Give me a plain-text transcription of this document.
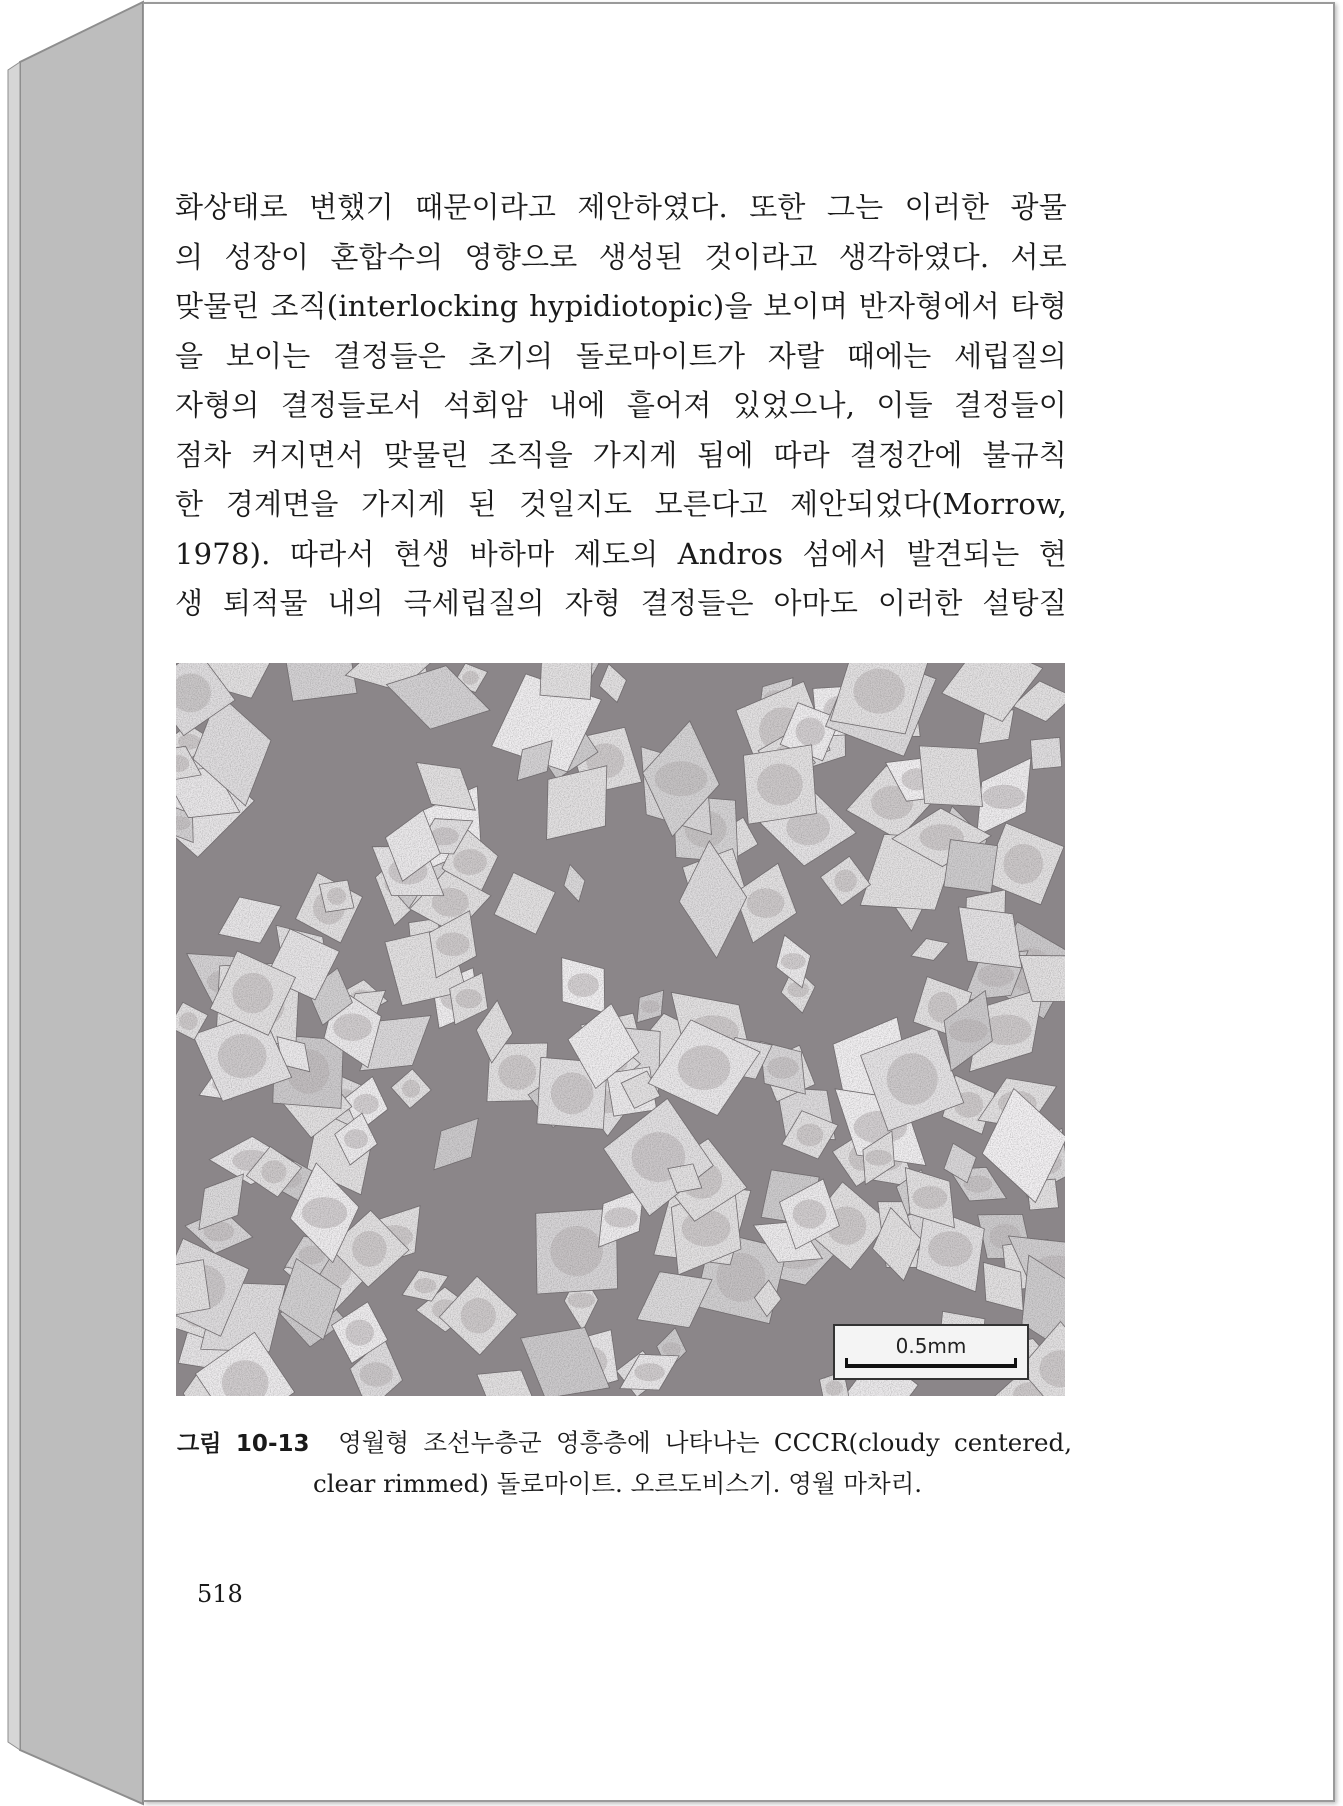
화상태로 변했기 때문이라고 제안하였다. 또한 그는 이러한 광물
의 성장이 혼합수의 영향으로 생성된 것이라고 생각하였다. 서로
맞물린 조직(interlocking hypidiotopic)을 보이며 반자형에서 타형
을 보이는 결정들은 초기의 돌로마이트가 자랄 때에는 세립질의
자형의 결정들로서 석회암 내에 흩어져 있었으나, 이들 결정들이
점차 커지면서 맞물린 조직을 가지게 됨에 따라 결정간에 불규칙
한 경계면을 가지게 된 것일지도 모른다고 제안되었다(Morrow,
1978). 따라서 현생 바하마 제도의 Andros 섬에서 발견되는 현
생 퇴적물 내의 극세립질의 자형 결정들은 아마도 이러한 설탕질
0.5mm
그림 10-13 영월형 조선누층군 영흥층에 나타나는 CCCR(cloudy centered,
clear rimmed) 돌로마이트. 오르도비스기. 영월 마차리.
518
